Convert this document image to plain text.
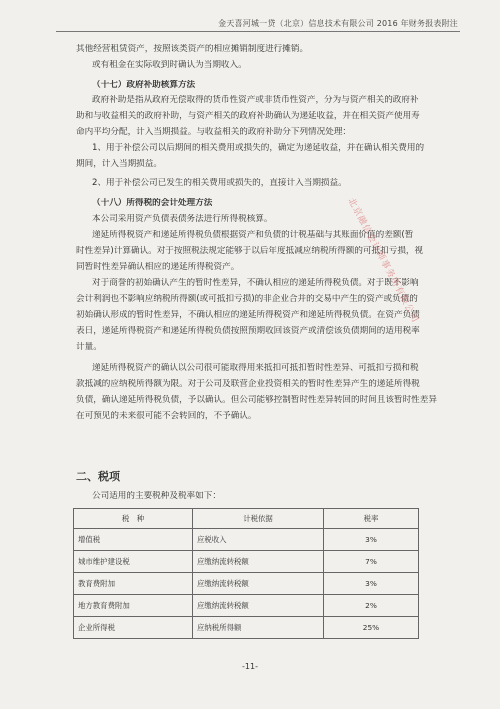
金天喜河城一贷（北京）信息技术有限公司 2016 年财务报表附注
其他经营租赁资产，按照该类资产的相应摊销制度进行摊销。
或有租金在实际收到时确认为当期收入。
（十七）政府补助核算方法
政府补助是指从政府无偿取得的货币性资产或非货币性资产，分为与资产相关的政府补
助和与收益相关的政府补助，与资产相关的政府补助确认为递延收益，并在相关资产使用寿
命内平均分配，计入当期损益。与收益相关的政府补助分下列情况处理：
1、用于补偿公司以后期间的相关费用或损失的，确定为递延收益，并在确认相关费用的
期间，计入当期损益。
2、用于补偿公司已发生的相关费用或损失的，直接计入当期损益。
（十八）所得税的会计处理方法
本公司采用资产负债表债务法进行所得税核算。
递延所得税资产和递延所得税负债根据资产和负债的计税基础与其账面价值的差额(暂
时性差异)计算确认。对于按照税法规定能够于以后年度抵减应纳税所得额的可抵扣亏损，视
同暂时性差异确认相应的递延所得税资产。
对于商誉的初始确认产生的暂时性差异，不确认相应的递延所得税负债。对于既不影响
会计利润也不影响应纳税所得额(或可抵扣亏损)的非企业合并的交易中产生的资产或负债的
初始确认形成的暂时性差异，不确认相应的递延所得税资产和递延所得税负债。在资产负债
表日，递延所得税资产和递延所得税负债按照预期收回该资产或清偿该负债期间的适用税率
计量。
递延所得税资产的确认以公司很可能取得用来抵扣可抵扣暂时性差异、可抵扣亏损和税
款抵减的应纳税所得额为限。对于公司及联营企业投资相关的暂时性差异产生的递延所得税
负债，确认递延所得税负债，予以确认。但公司能够控制暂时性差异转回的时间且该暂时性差异
在可预见的未来很可能不会转回的，不予确认。
北京融信会计师事务所有限公司
二、税项
公司适用的主要税种及税率如下：
税　种	计税依据	税率
增值税	应税收入	3%
城市维护建设税	应缴纳流转税额	7%
教育费附加	应缴纳流转税额	3%
地方教育费附加	应缴纳流转税额	2%
企业所得税	应纳税所得额	25%
-11-
